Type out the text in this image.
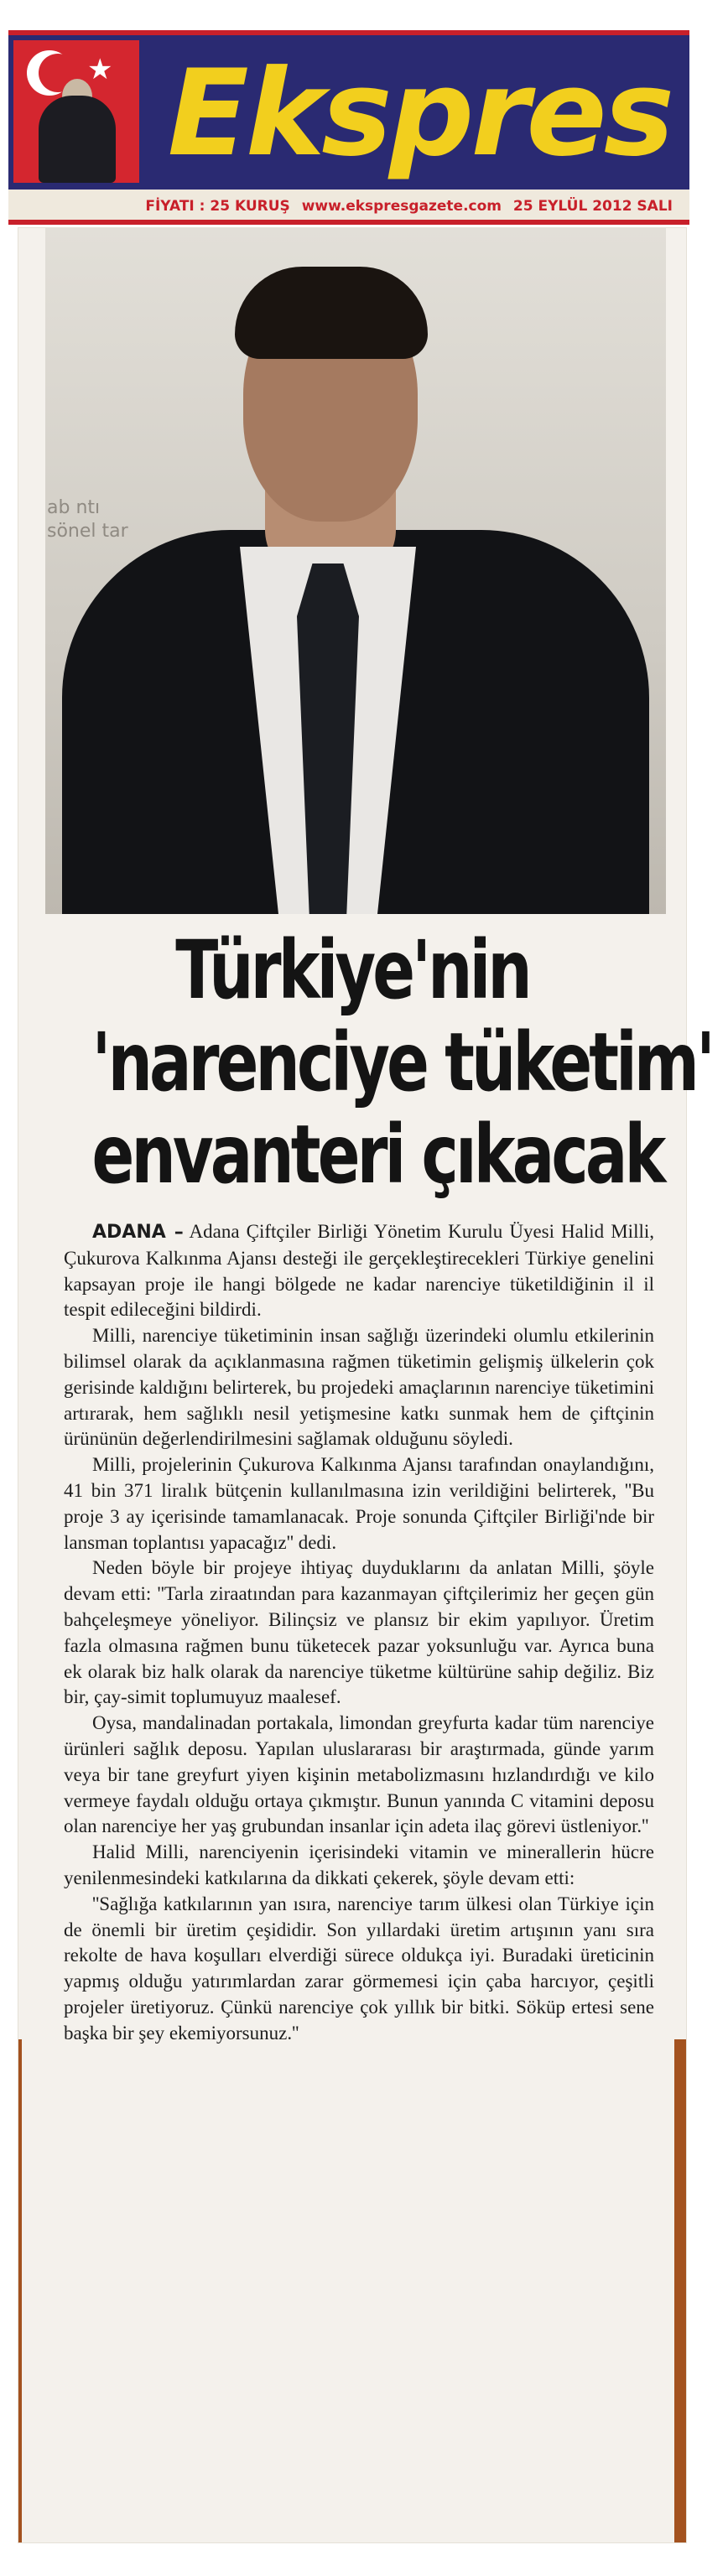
★ Ekspres
FİYATI : 25 KURUŞ www.ekspresgazete.com 25 EYLÜL 2012 SALI
ab ntı
sönel tar
Türkiye'nin
'narenciye tüketim'
envanteri çıkacak

ADANA – Adana Çiftçiler Birliği Yönetim Kurulu Üyesi Halid Milli, Çukurova Kalkınma Ajansı desteği ile gerçekleştirecekleri Türkiye genelini kapsayan proje ile hangi bölgede ne kadar narenciye tüketildiğinin il il tespit edileceğini bildirdi.

Milli, narenciye tüketiminin insan sağlığı üzerindeki olumlu etkilerinin bilimsel olarak da açıklanmasına rağmen tüketimin gelişmiş ülkelerin çok gerisinde kaldığını belirterek, bu projedeki amaçlarının narenciye tüketimini artırarak, hem sağlıklı nesil yetişmesine katkı sunmak hem de çiftçinin ürününün değerlendirilmesini sağlamak olduğunu söyledi.

Milli, projelerinin Çukurova Kalkınma Ajansı tarafından onaylandığını, 41 bin 371 liralık bütçenin kullanılmasına izin verildiğini belirterek, ''Bu proje 3 ay içerisinde tamamlanacak. Proje sonunda Çiftçiler Birliği'nde bir lansman toplantısı yapacağız'' dedi.

Neden böyle bir projeye ihtiyaç duyduklarını da anlatan Milli, şöyle devam etti: ''Tarla ziraatından para kazanmayan çiftçilerimiz her geçen gün bahçeleşmeye yöneliyor. Bilinçsiz ve plansız bir ekim yapılıyor. Üretim fazla olmasına rağmen bunu tüketecek pazar yoksunluğu var. Ayrıca buna ek olarak biz halk olarak da narenciye tüketme kültürüne sahip değiliz. Biz bir, çay-simit toplumuyuz maalesef.

Oysa, mandalinadan portakala, limondan greyfurta kadar tüm narenciye ürünleri sağlık deposu. Yapılan uluslararası bir araştırmada, günde yarım veya bir tane greyfurt yiyen kişinin metabolizmasını hızlandırdığı ve kilo vermeye faydalı olduğu ortaya çıkmıştır. Bunun yanında C vitamini deposu olan narenciye her yaş grubundan insanlar için adeta ilaç görevi üstleniyor.''

Halid Milli, narenciyenin içerisindeki vitamin ve minerallerin hücre yenilenmesindeki katkılarına da dikkati çekerek, şöyle devam etti:

''Sağlığa katkılarının yan ısıra, narenciye tarım ülkesi olan Türkiye için de önemli bir üretim çeşididir. Son yıllardaki üretim artışının yanı sıra rekolte de hava koşulları elverdiği sürece oldukça iyi. Buradaki üreticinin yapmış olduğu yatırımlardan zarar görmemesi için çaba harcıyor, çeşitli projeler üretiyoruz. Çünkü narenciye çok yıllık bir bitki. Söküp ertesi sene başka bir şey ekemiyorsunuz.''
